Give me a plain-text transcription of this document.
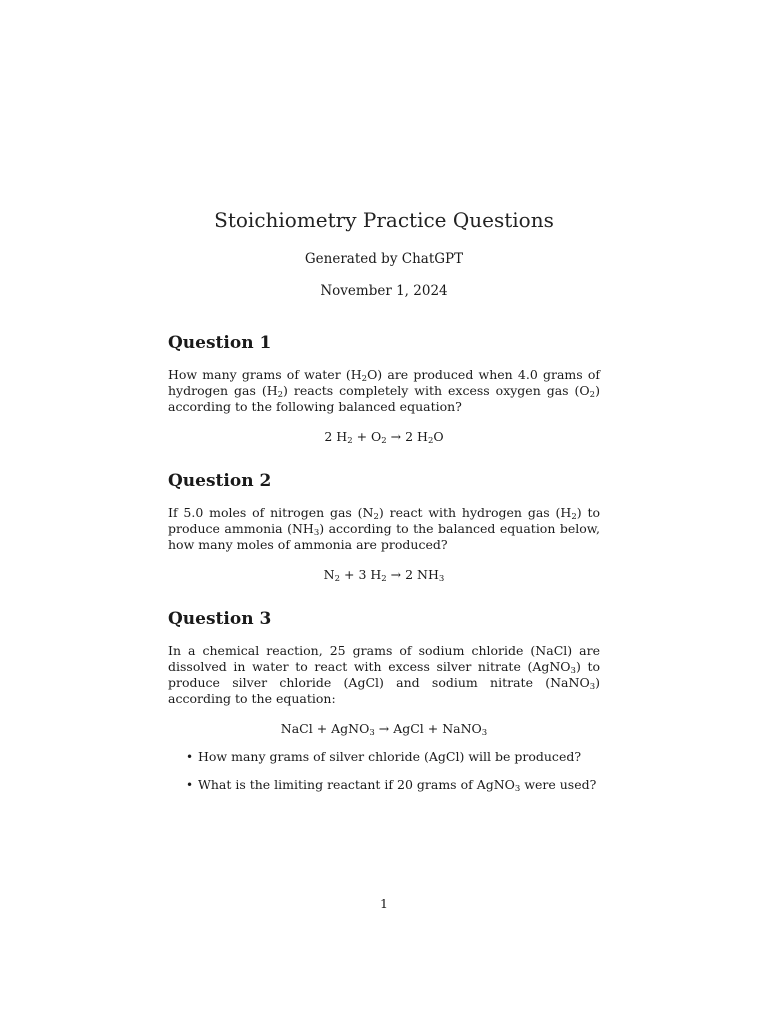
Stoichiometry Practice Questions
Generated by ChatGPT
November 1, 2024
Question 1

How many grams of water $(H_2O)$ are produced when 4.0 grams of hydrogen gas $(H_2)$ reacts completely with excess oxygen gas $(O_2)$ according to the following balanced equation?

2 $H_2 + O_2 \to 2$ $H_2O$
Question 2

If 5.0 moles of nitrogen gas $(N_2)$ react with hydrogen gas $(H_2)$ to produce ammonia $(NH_3)$ according to the balanced equation below, how many moles of ammonia are produced?

$N_2 + 3$ $H_2 \to 2$ $NH_3$
Question 3

In a chemical reaction, 25 grams of sodium chloride (NaCl) are dissolved in water to react with excess silver nitrate (AgNO$_3$) to produce silver chloride (AgCl) and sodium nitrate (NaNO$_3$) according to the equation:

NaCl + AgNO$_3$ → AgCl + NaNO$_3$
• How many grams of silver chloride (AgCl) will be produced?
• What is the limiting reactant if 20 grams of AgNO$_3$ were used?
1
